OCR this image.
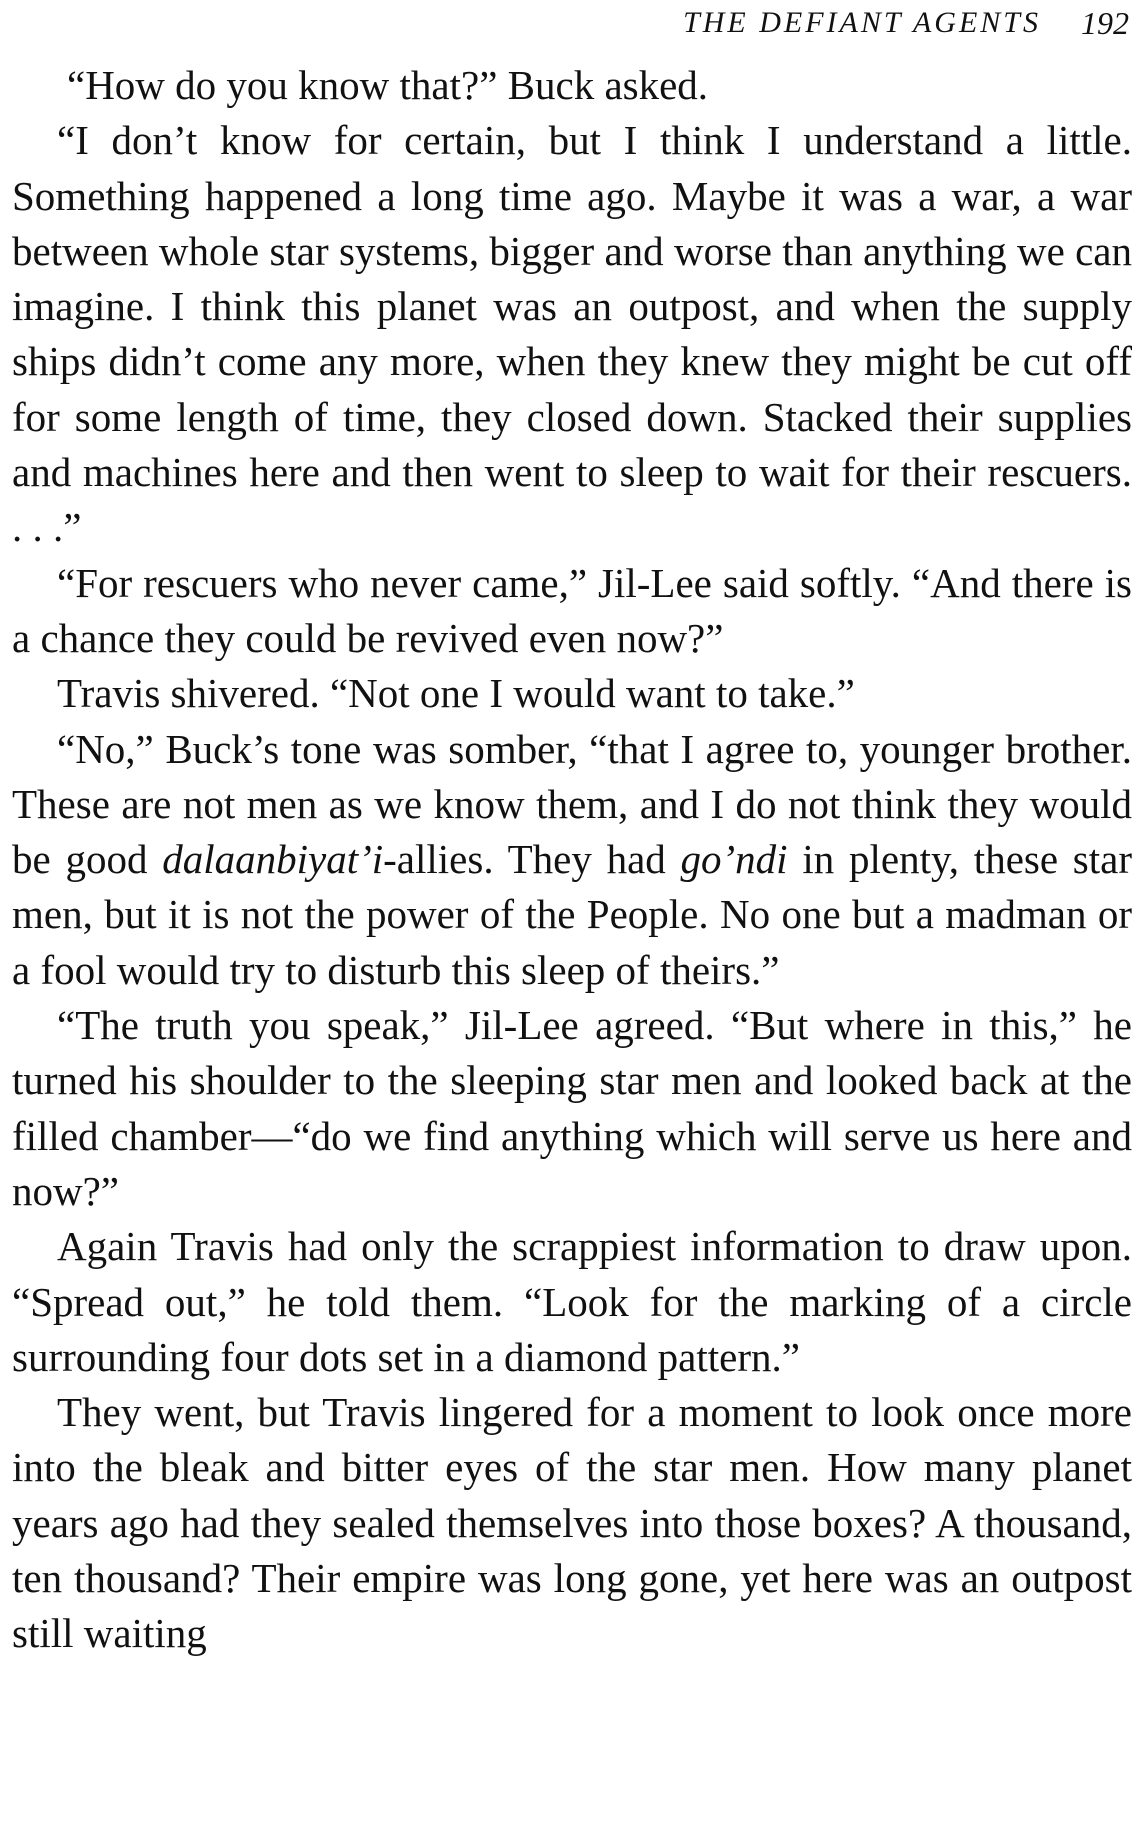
THE DEFIANT AGENTS 192

“How do you know that?” Buck asked.

“I don’t know for certain, but I think I understand a little. Something happened a long time ago. Maybe it was a war, a war between whole star systems, bigger and worse than anything we can imagine. I think this planet was an outpost, and when the supply ships didn’t come any more, when they knew they might be cut off for some length of time, they closed down. Stacked their supplies and machines here and then went to sleep to wait for their rescuers. . . .”

“For rescuers who never came,” Jil-Lee said softly. “And there is a chance they could be revived even now?”

Travis shivered. “Not one I would want to take.”

“No,” Buck’s tone was somber, “that I agree to, younger brother. These are not men as we know them, and I do not think they would be good dalaanbiyat’i-allies. They had go’ndi in plenty, these star men, but it is not the power of the People. No one but a madman or a fool would try to disturb this sleep of theirs.”

“The truth you speak,” Jil-Lee agreed. “But where in this,” he turned his shoulder to the sleeping star men and looked back at the filled chamber—“do we find anything which will serve us here and now?”

Again Travis had only the scrappiest information to draw upon. “Spread out,” he told them. “Look for the marking of a circle surrounding four dots set in a diamond pattern.”

They went, but Travis lingered for a moment to look once more into the bleak and bitter eyes of the star men. How many planet years ago had they sealed themselves into those boxes? A thousand, ten thousand? Their empire was long gone, yet here was an outpost still waiting
